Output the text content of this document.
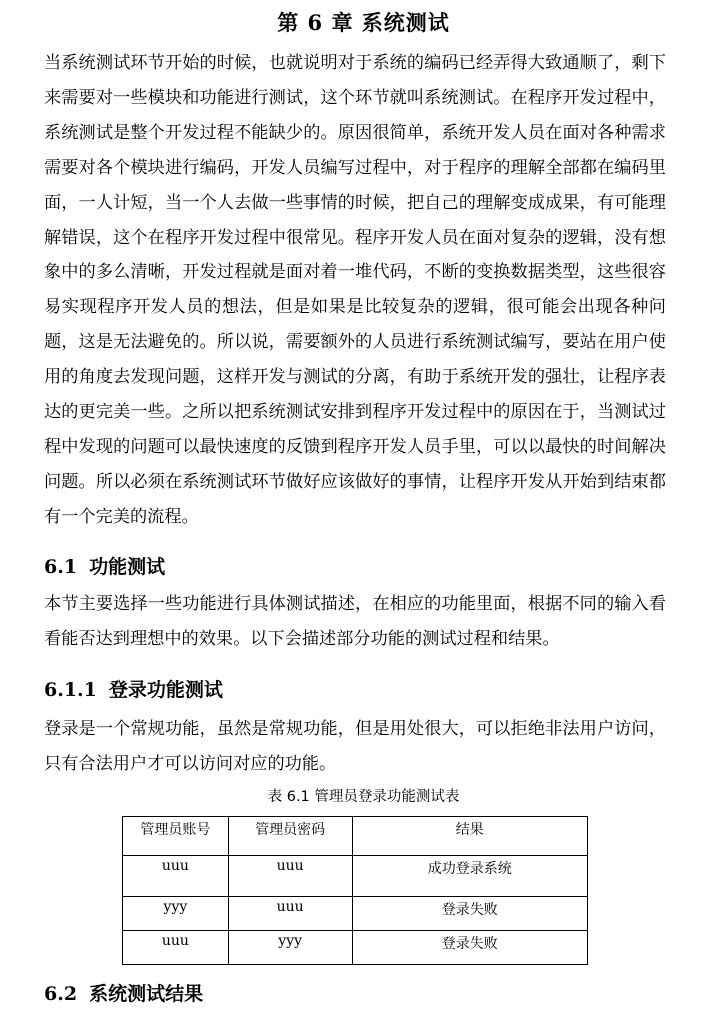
第 6 章 系统测试

当系统测试环节开始的时候，也就说明对于系统的编码已经弄得大致通顺了，剩下来需要对一些模块和功能进行测试，这个环节就叫系统测试。在程序开发过程中，系统测试是整个开发过程不能缺少的。原因很简单，系统开发人员在面对各种需求需要对各个模块进行编码，开发人员编写过程中，对于程序的理解全部都在编码里面，一人计短，当一个人去做一些事情的时候，把自己的理解变成成果，有可能理解错误，这个在程序开发过程中很常见。程序开发人员在面对复杂的逻辑，没有想象中的多么清晰，开发过程就是面对着一堆代码，不断的变换数据类型，这些很容易实现程序开发人员的想法，但是如果是比较复杂的逻辑，很可能会出现各种问题，这是无法避免的。所以说，需要额外的人员进行系统测试编写，要站在用户使用的角度去发现问题，这样开发与测试的分离，有助于系统开发的强壮，让程序表达的更完美一些。之所以把系统测试安排到程序开发过程中的原因在于，当测试过程中发现的问题可以最快速度的反馈到程序开发人员手里，可以以最快的时间解决问题。所以必须在系统测试环节做好应该做好的事情，让程序开发从开始到结束都有一个完美的流程。

6.1 功能测试

本节主要选择一些功能进行具体测试描述，在相应的功能里面，根据不同的输入看看能否达到理想中的效果。以下会描述部分功能的测试过程和结果。

6.1.1 登录功能测试

登录是一个常规功能，虽然是常规功能，但是用处很大，可以拒绝非法用户访问，只有合法用户才可以访问对应的功能。

表 6.1 管理员登录功能测试表
管理员账号	管理员密码	结果
uuu	uuu	成功登录系统
yyy	uuu	登录失败
uuu	yyy	登录失败
6.2 系统测试结果
